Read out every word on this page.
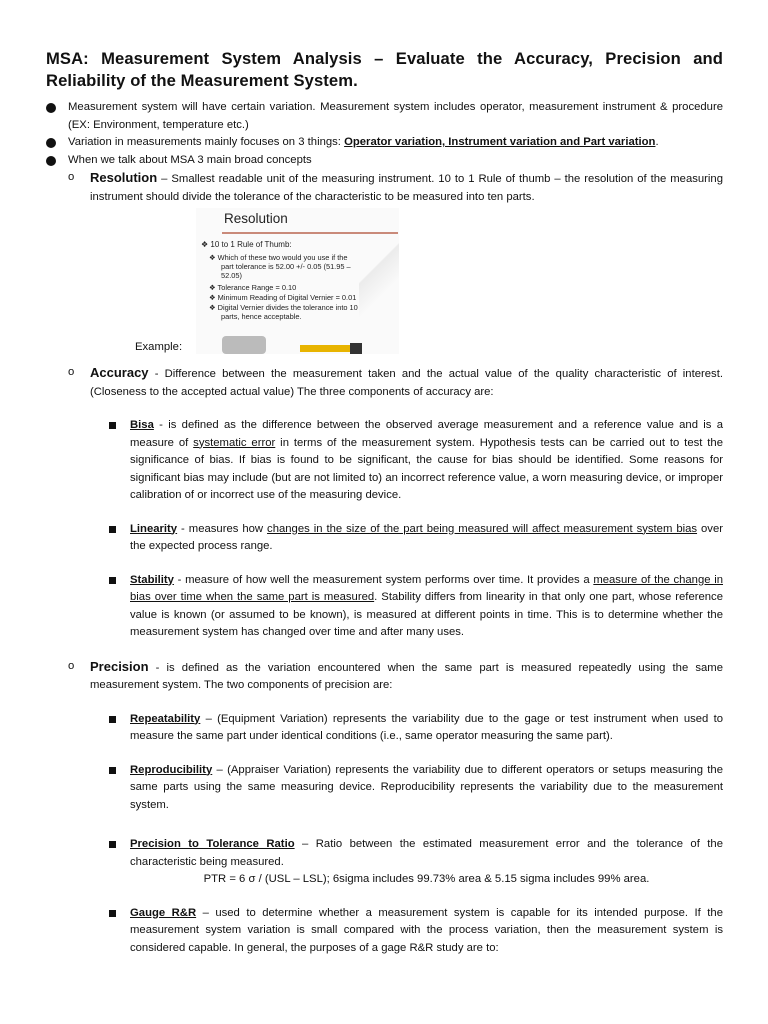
MSA: Measurement System Analysis – Evaluate the Accuracy, Precision and Reliability of the Measurement System.
Measurement system will have certain variation. Measurement system includes operator, measurement instrument & procedure (EX: Environment, temperature etc.)
Variation in measurements mainly focuses on 3 things: Operator variation, Instrument variation and Part variation.
When we talk about MSA 3 main broad concepts
o Resolution – Smallest readable unit of the measuring instrument. 10 to 1 Rule of thumb – the resolution of the measuring instrument should divide the tolerance of the characteristic to be measured into ten parts.
Example:
Resolution
❖ 10 to 1 Rule of Thumb:
❖ Which of these two would you use if the
part tolerance is 52.00 +/- 0.05 (51.95 –
52.05)
❖ Tolerance Range = 0.10
❖ Minimum Reading of Digital Vernier = 0.01
❖ Digital Vernier divides the tolerance into 10
parts, hence acceptable.
o Accuracy - Difference between the measurement taken and the actual value of the quality characteristic of interest. (Closeness to the accepted actual value) The three components of accuracy are:
Bisa - is defined as the difference between the observed average measurement and a reference value and is a measure of systematic error in terms of the measurement system. Hypothesis tests can be carried out to test the significance of bias. If bias is found to be significant, the cause for bias should be identified. Some reasons for significant bias may include (but are not limited to) an incorrect reference value, a worn measuring device, or improper calibration of or incorrect use of the measuring device.
Linearity - measures how changes in the size of the part being measured will affect measurement system bias over the expected process range.
Stability - measure of how well the measurement system performs over time. It provides a measure of the change in bias over time when the same part is measured. Stability differs from linearity in that only one part, whose reference value is known (or assumed to be known), is measured at different points in time. This is to determine whether the measurement system has changed over time and after many uses.
o Precision - is defined as the variation encountered when the same part is measured repeatedly using the same measurement system. The two components of precision are:
Repeatability – (Equipment Variation) represents the variability due to the gage or test instrument when used to measure the same part under identical conditions (i.e., same operator measuring the same part).
Reproducibility – (Appraiser Variation) represents the variability due to different operators or setups measuring the same parts using the same measuring device. Reproducibility represents the variability due to the measurement system.
Precision to Tolerance Ratio – Ratio between the estimated measurement error and the tolerance of the characteristic being measured.
PTR = 6 σ / (USL – LSL); 6sigma includes 99.73% area & 5.15 sigma includes 99% area.
Gauge R&R – used to determine whether a measurement system is capable for its intended purpose. If the measurement system variation is small compared with the process variation, then the measurement system is considered capable. In general, the purposes of a gage R&R study are to:
